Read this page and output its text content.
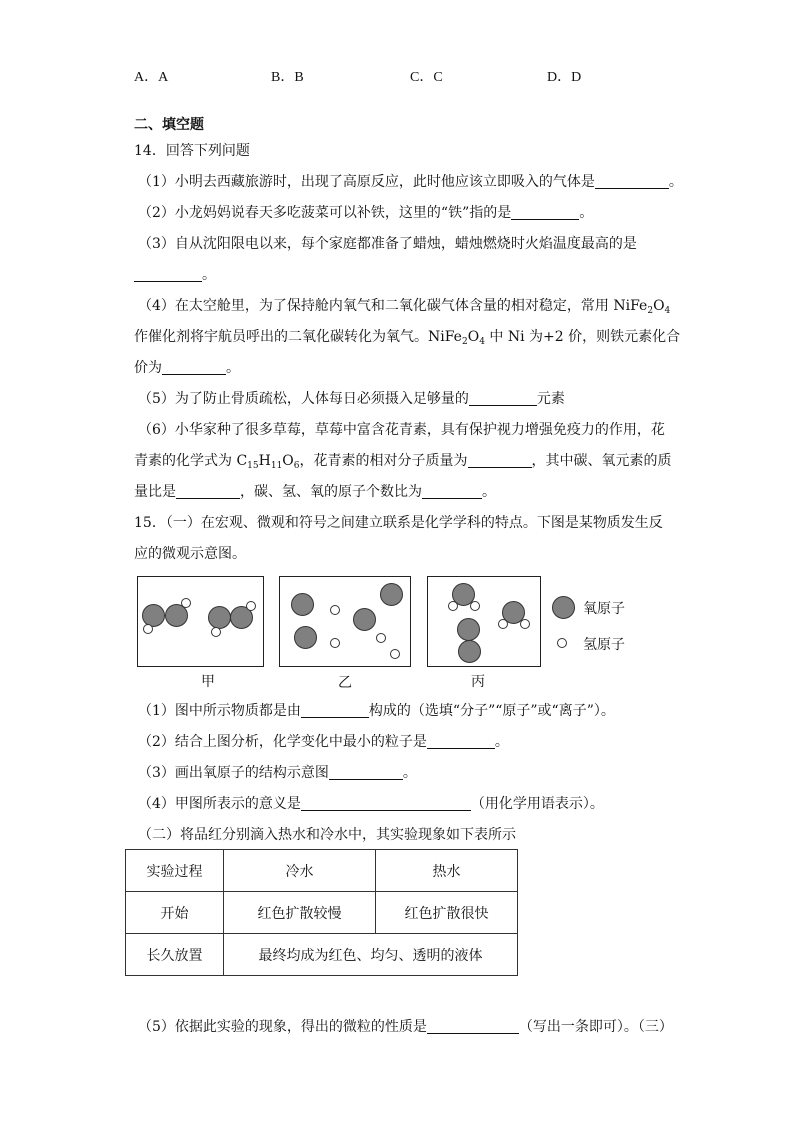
A．A	B．B	C．C	D．D
二、填空题
14．回答下列问题
（1）小明去西藏旅游时，出现了高原反应，此时他应该立即吸入的气体是	。
（2）小龙妈妈说春天多吃菠菜可以补铁，这里的“铁”指的是	。
（3）自从沈阳限电以来，每个家庭都准备了蜡烛，蜡烛燃烧时火焰温度最高的是
。
（4）在太空舱里，为了保持舱内氧气和二氧化碳气体含量的相对稳定，常用 $NiFe_2O_4$
作催化剂将宇航员呼出的二氧化碳转化为氧气。$NiFe_2O_4$ 中 Ni 为+2 价，则铁元素化合
价为	。
（5）为了防止骨质疏松，人体每日必须摄入足够量的	元素
（6）小华家种了很多草莓，草莓中富含花青素，具有保护视力增强免疫力的作用，花
青素的化学式为 $C_{15}H_{11}O_6$，花青素的相对分子质量为	，其中碳、氧元素的质
量比是	，碳、氢、氧的原子个数比为	。
15．（一）在宏观、微观和符号之间建立联系是化学学科的特点。下图是某物质发生反
应的微观示意图。
氧原子
氢原子
甲	乙	丙
（1）图中所示物质都是由	构成的（选填“分子”“原子”或“离子”）。
（2）结合上图分析，化学变化中最小的粒子是	。
（3）画出氧原子的结构示意图	。
（4）甲图所表示的意义是	（用化学用语表示）。
（二）将品红分别滴入热水和冷水中，其实验现象如下表所示
实验过程	冷水	热水
开始	红色扩散较慢	红色扩散很快
长久放置	最终均成为红色、均匀、透明的液体	
（5）依据此实验的现象，得出的微粒的性质是	（写出一条即可）。（三）
